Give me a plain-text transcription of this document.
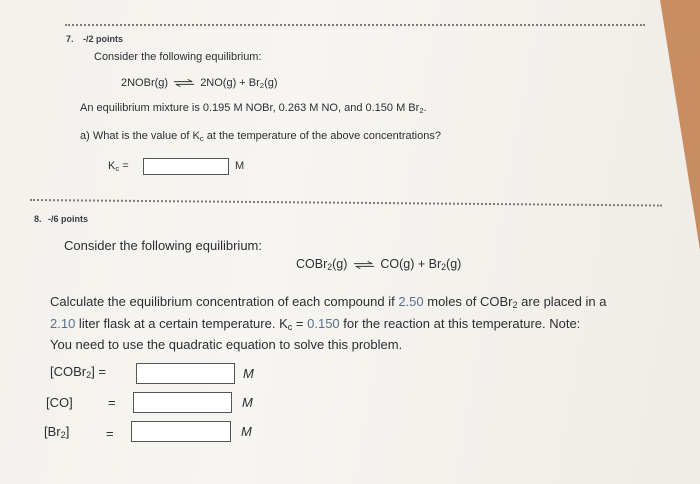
7. -/2 points
Consider the following equilibrium:
2NOBr(g) ⇌ $2NO(g) + Br_2(g)$
An equilibrium mixture is 0.195 M NOBr, 0.263 M NO, and 0.150 M $Br_2$.
a) What is the value of $K_c$ at the temperature of the above concentrations?
$K_c$ =	M
8. -/6 points
Consider the following equilibrium:
COBr$_2$(g) ⇌ $CO(g) + Br_2(g)$
Calculate the equilibrium concentration of each compound if 2.50 moles of COBr$_2$ are placed in a
2.10 liter flask at a certain temperature. $K_c = 0.150$ for the reaction at this temperature. Note:
You need to use the quadratic equation to solve this problem.
[COBr$_2$] =	M
[CO]	=	M
$[Br_2]$	=	M
